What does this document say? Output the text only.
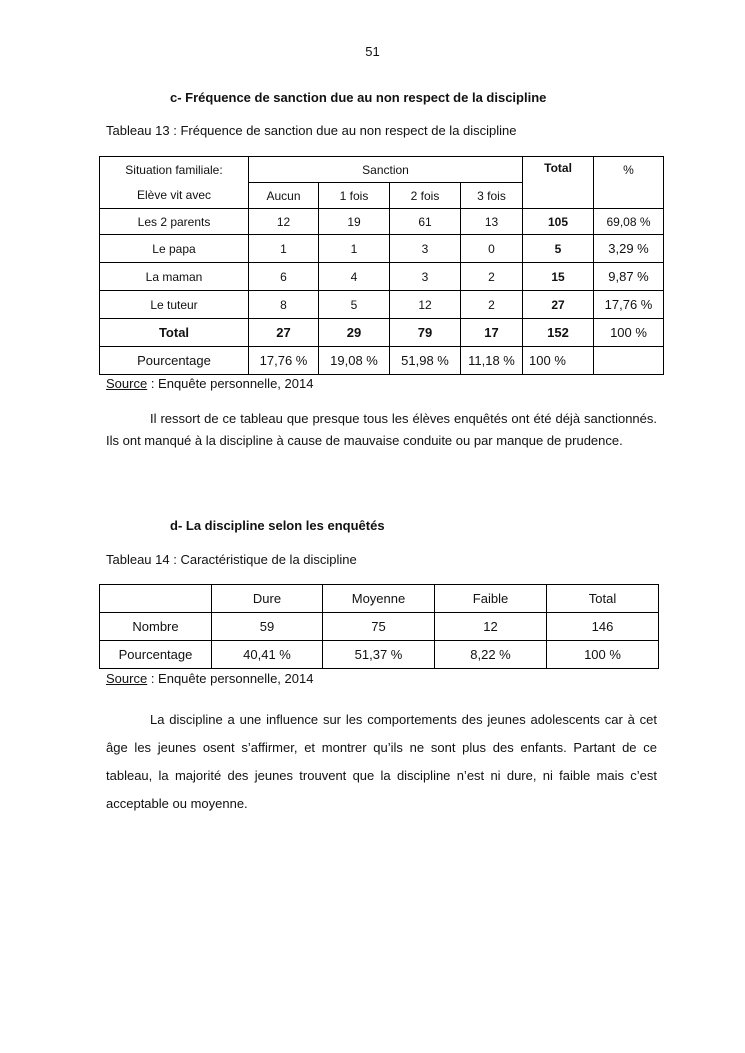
51
c- Fréquence de sanction due au non respect de la discipline
Tableau 13 : Fréquence de sanction due au non respect de la discipline
Situation familiale:	Sanction				Total	%
Elève vit avec	Aucun	1 fois	2 fois	3 fois		
Les 2 parents	12	19	61	13	105	69,08 %
Le papa	1	1	3	0	5	3,29 %
La maman	6	4	3	2	15	9,87 %
Le tuteur	8	5	12	2	27	17,76 %
Total	27	29	79	17	152	100 %
Pourcentage	17,76 %	19,08 %	51,98 %	11,18 %	100 %	
Source : Enquête personnelle, 2014

Il ressort de ce tableau que presque tous les élèves enquêtés ont été déjà sanctionnés. Ils ont manqué à la discipline à cause de mauvaise conduite ou par manque de prudence.

d- La discipline selon les enquêtés
Tableau 14 : Caractéristique de la discipline
	Dure	Moyenne	Faible	Total
Nombre	59	75	12	146
Pourcentage	40,41 %	51,37 %	8,22 %	100 %
Source : Enquête personnelle, 2014

La discipline a une influence sur les comportements des jeunes adolescents car à cet âge les jeunes osent s’affirmer, et montrer qu’ils ne sont plus des enfants. Partant de ce tableau, la majorité des jeunes trouvent que la discipline n’est ni dure, ni faible mais c’est acceptable ou moyenne.
